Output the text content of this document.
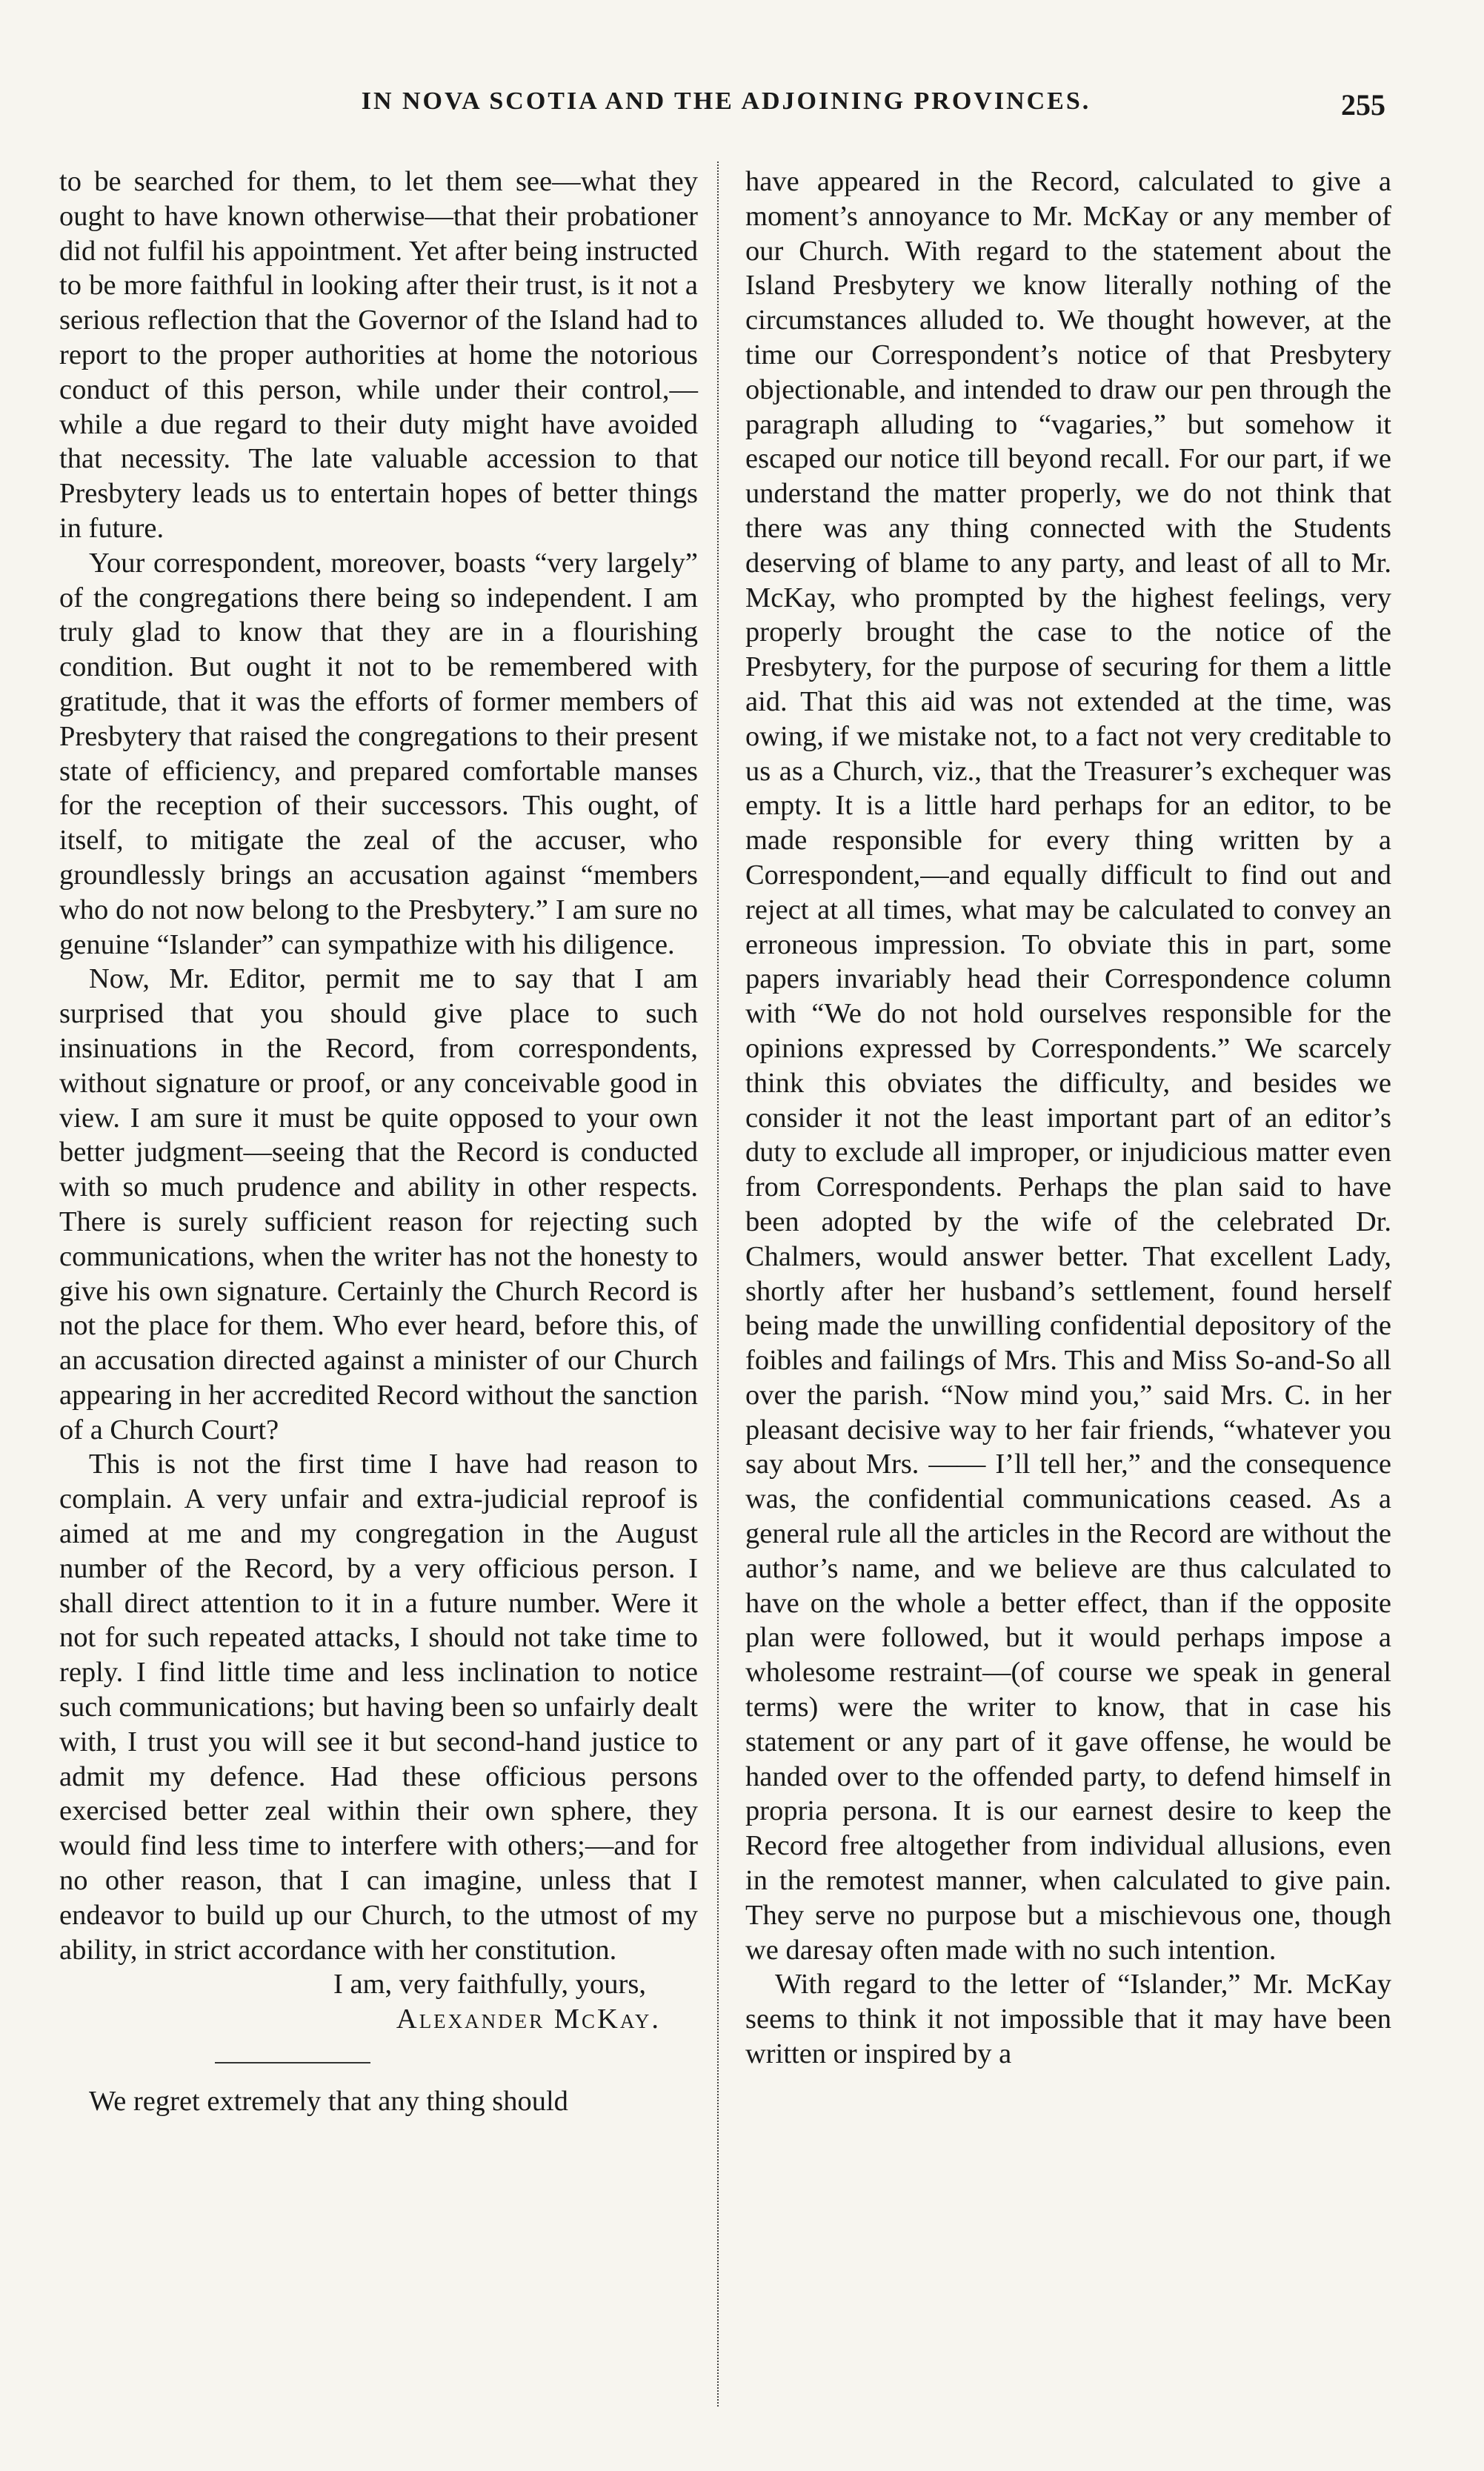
IN NOVA SCOTIA AND THE ADJOINING PROVINCES.	255

to be searched for them, to let them see—what they ought to have known otherwise—that their probationer did not fulfil his appointment. Yet after being instructed to be more faithful in looking after their trust, is it not a serious reflection that the Governor of the Island had to report to the proper authorities at home the notorious conduct of this person, while under their control,—while a due regard to their duty might have avoided that necessity. The late valuable accession to that Presbytery leads us to entertain hopes of better things in future.

Your correspondent, moreover, boasts “very largely” of the congregations there being so independent. I am truly glad to know that they are in a flourishing condition. But ought it not to be remembered with gratitude, that it was the efforts of former members of Presbytery that raised the congregations to their present state of efficiency, and prepared comfortable manses for the reception of their successors. This ought, of itself, to mitigate the zeal of the accuser, who groundlessly brings an accusation against “members who do not now belong to the Presbytery.” I am sure no genuine “Islander” can sympathize with his diligence.

Now, Mr. Editor, permit me to say that I am surprised that you should give place to such insinuations in the Record, from correspondents, without signature or proof, or any conceivable good in view. I am sure it must be quite opposed to your own better judgment—seeing that the Record is conducted with so much prudence and ability in other respects. There is surely sufficient reason for rejecting such communications, when the writer has not the honesty to give his own signature. Certainly the Church Record is not the place for them. Who ever heard, before this, of an accusation directed against a minister of our Church appearing in her accredited Record without the sanction of a Church Court?

This is not the first time I have had reason to complain. A very unfair and extra-judicial reproof is aimed at me and my congregation in the August number of the Record, by a very officious person. I shall direct attention to it in a future number. Were it not for such repeated attacks, I should not take time to reply. I find little time and less inclination to notice such communications; but having been so unfairly dealt with, I trust you will see it but second-hand justice to admit my defence. Had these officious persons exercised better zeal within their own sphere, they would find less time to interfere with others;—and for no other reason, that I can imagine, unless that I endeavor to build up our Church, to the utmost of my ability, in strict accordance with her constitution.

I am, very faithfully, yours,

Alexander McKay.

We regret extremely that any thing should

have appeared in the Record, calculated to give a moment’s annoyance to Mr. McKay or any member of our Church. With regard to the statement about the Island Presbytery we know literally nothing of the circumstances alluded to. We thought however, at the time our Correspondent’s notice of that Presbytery objectionable, and intended to draw our pen through the paragraph alluding to “vagaries,” but somehow it escaped our notice till beyond recall. For our part, if we understand the matter properly, we do not think that there was any thing connected with the Students deserving of blame to any party, and least of all to Mr. McKay, who prompted by the highest feelings, very properly brought the case to the notice of the Presbytery, for the purpose of securing for them a little aid. That this aid was not extended at the time, was owing, if we mistake not, to a fact not very creditable to us as a Church, viz., that the Treasurer’s exchequer was empty. It is a little hard perhaps for an editor, to be made responsible for every thing written by a Correspondent,—and equally difficult to find out and reject at all times, what may be calculated to convey an erroneous impression. To obviate this in part, some papers invariably head their Correspondence column with “We do not hold ourselves responsible for the opinions expressed by Correspondents.” We scarcely think this obviates the difficulty, and besides we consider it not the least important part of an editor’s duty to exclude all improper, or injudicious matter even from Correspondents. Perhaps the plan said to have been adopted by the wife of the celebrated Dr. Chalmers, would answer better. That excellent Lady, shortly after her husband’s settlement, found herself being made the unwilling confidential depository of the foibles and failings of Mrs. This and Miss So-and-So all over the parish. “Now mind you,” said Mrs. C. in her pleasant decisive way to her fair friends, “whatever you say about Mrs. —— I’ll tell her,” and the consequence was, the confidential communications ceased. As a general rule all the articles in the Record are without the author’s name, and we believe are thus calculated to have on the whole a better effect, than if the opposite plan were followed, but it would perhaps impose a wholesome restraint—(of course we speak in general terms) were the writer to know, that in case his statement or any part of it gave offense, he would be handed over to the offended party, to defend himself in propria persona. It is our earnest desire to keep the Record free altogether from individual allusions, even in the remotest manner, when calculated to give pain. They serve no purpose but a mischievous one, though we daresay often made with no such intention.

With regard to the letter of “Islander,” Mr. McKay seems to think it not impossible that it may have been written or inspired by a
